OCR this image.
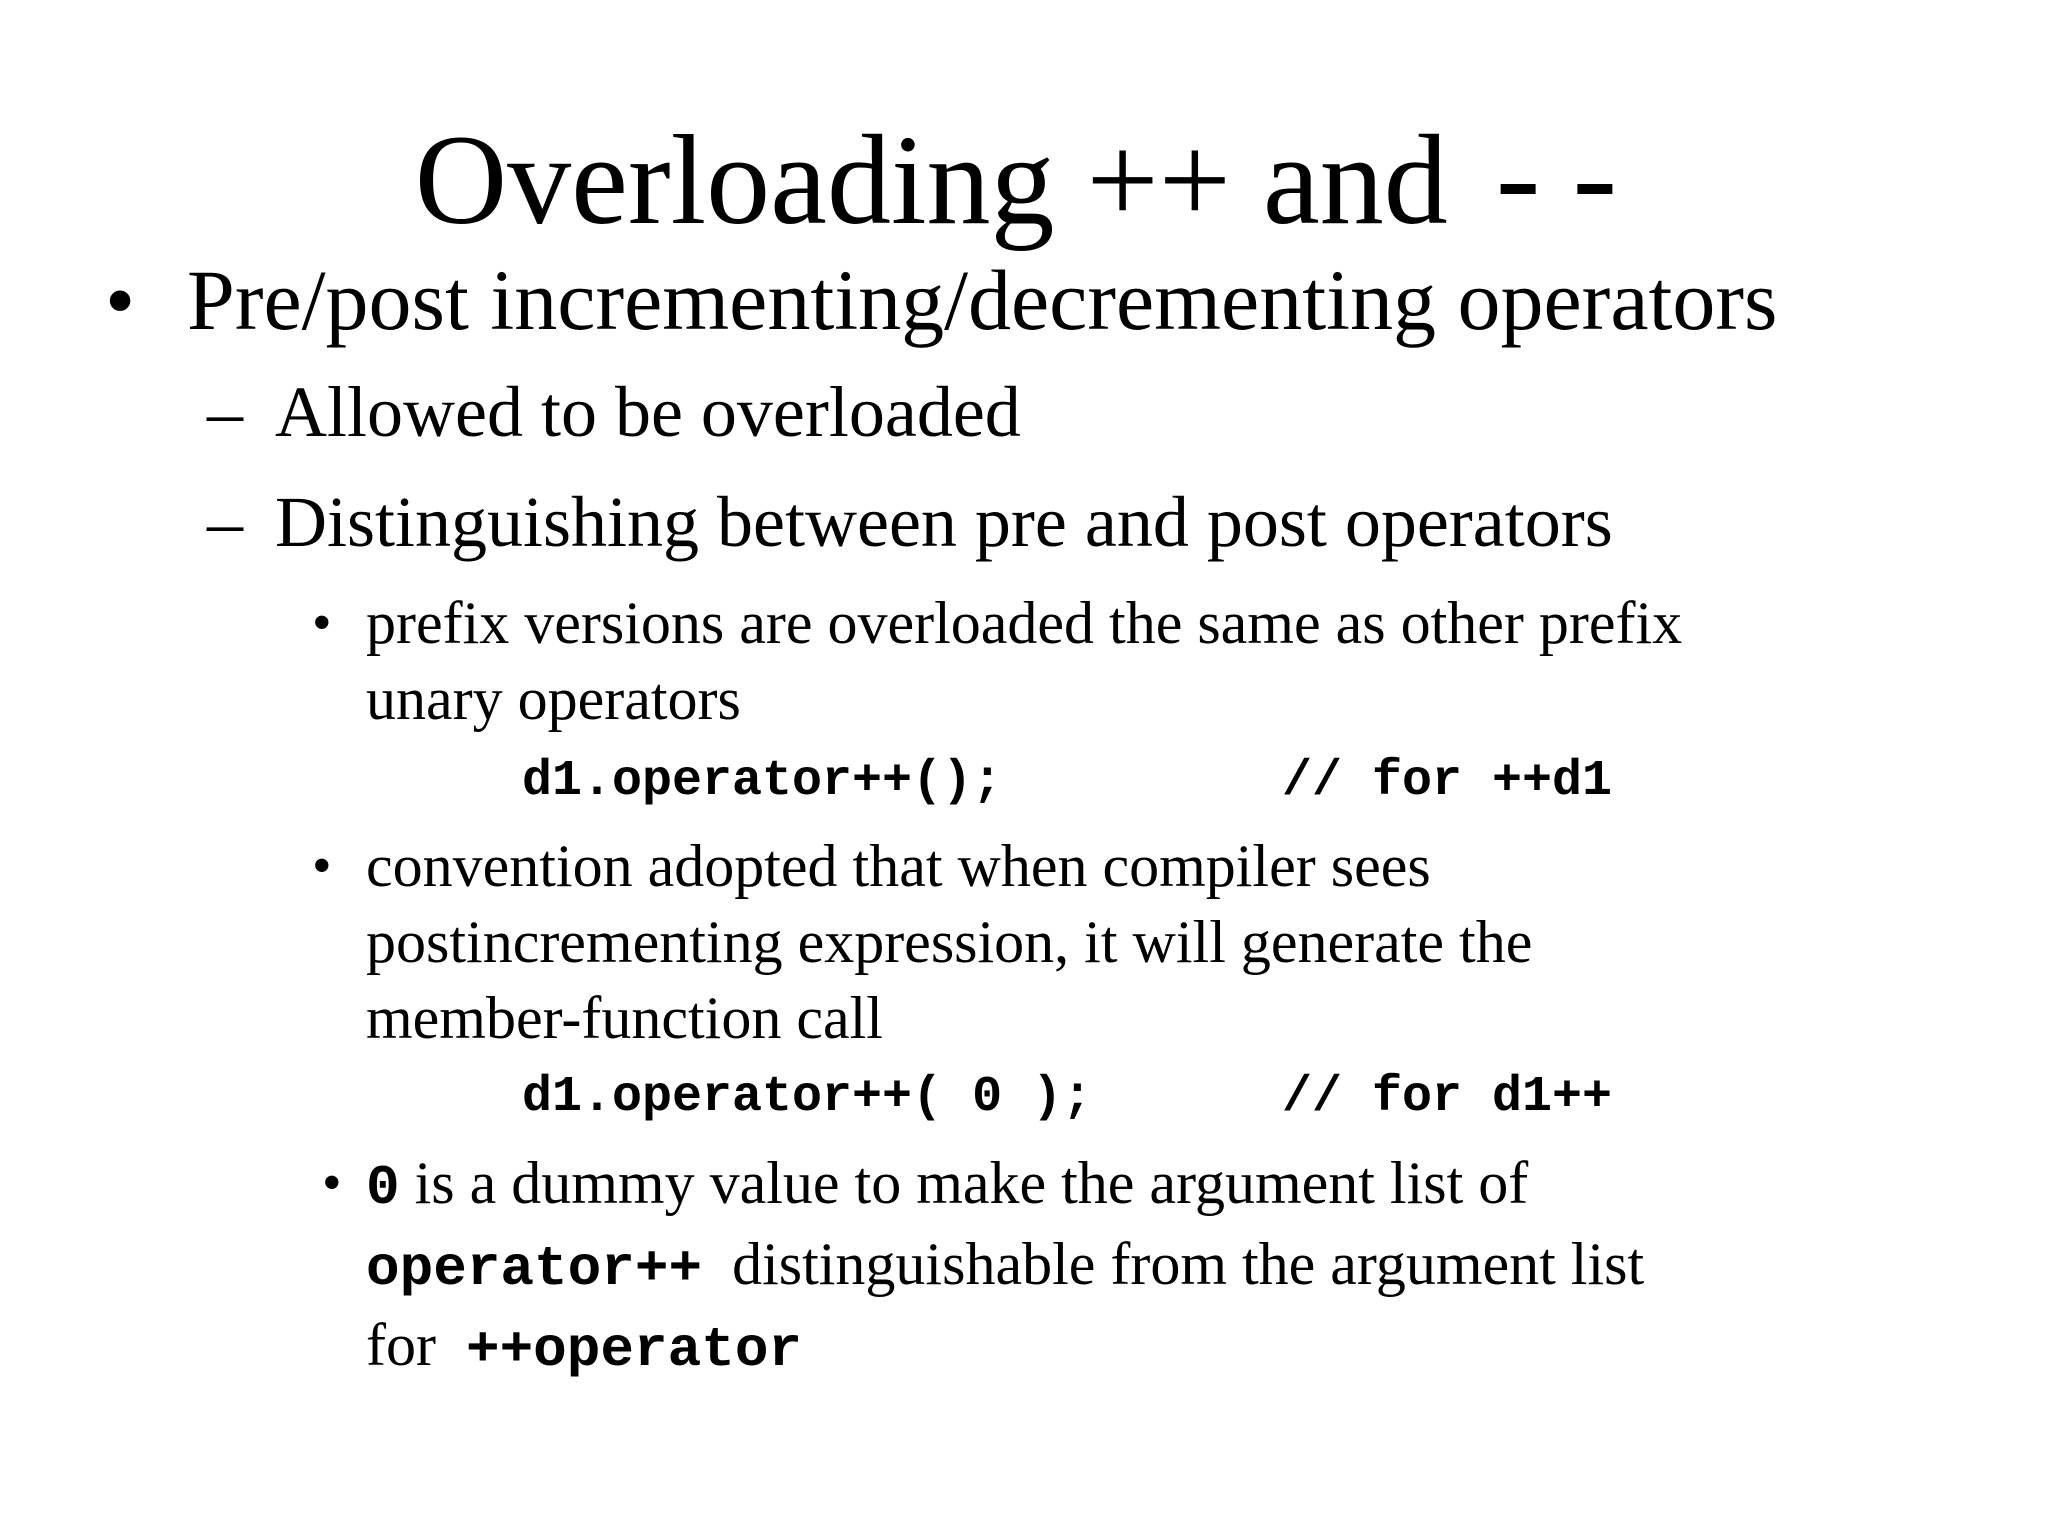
Overloading ++ and --
• Pre/post incrementing/decrementing operators
– Allowed to be overloaded
– Distinguishing between pre and post operators
• prefix versions are overloaded the same as other prefix
unary operators

d1.operator++();

	// for ++d1

• convention adopted that when compiler sees
postincrementing expression, it will generate the
member-function call

d1.operator++( 0 );

	// for d1++

• 0 is a dummy value to make the argument list of
operator++  distinguishable from the argument list
for  ++operator
